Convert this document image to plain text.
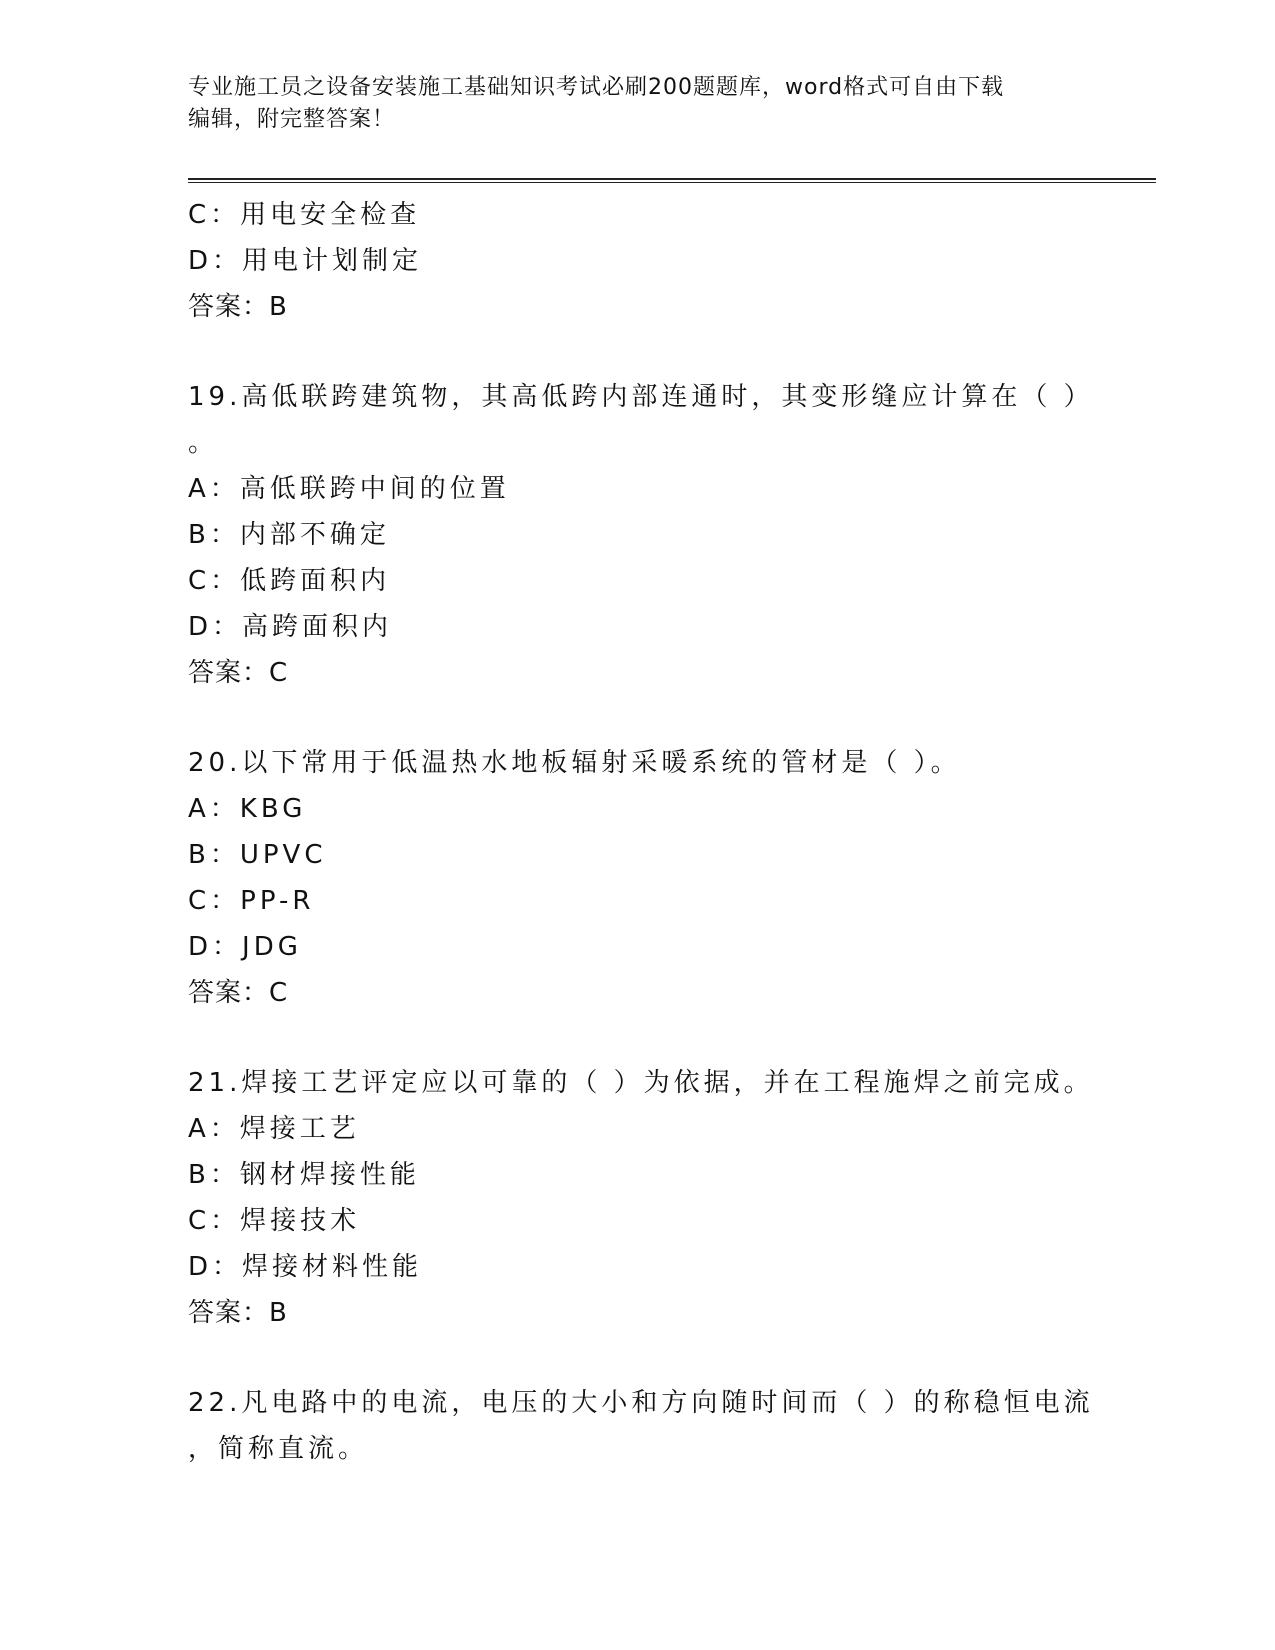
专业施工员之设备安装施工基础知识考试必刷200题题库，word格式可自由下载
编辑，附完整答案！
C：用电安全检查
D：用电计划制定
答案：B
19.高低联跨建筑物，其高低跨内部连通时，其变形缝应计算在（ ）
。
A：高低联跨中间的位置
B：内部不确定
C：低跨面积内
D：高跨面积内
答案：C
20.以下常用于低温热水地板辐射采暖系统的管材是（ ）。
A：KBG
B：UPVC
C：PP-R
D：JDG
答案：C
21.焊接工艺评定应以可靠的（ ）为依据，并在工程施焊之前完成。
A：焊接工艺
B：钢材焊接性能
C：焊接技术
D：焊接材料性能
答案：B
22.凡电路中的电流，电压的大小和方向随时间而（ ）的称稳恒电流
，简称直流。
